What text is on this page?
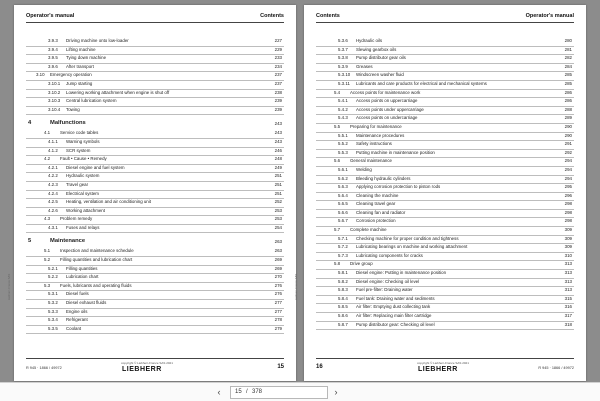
Operator's manual	Contents
3.9.3 Driving machine onto low-loader	227
3.9.4 Lifting machine	229
3.9.5 Tying down machine	233
3.9.6 After transport	234
3.10 Emergency operation	237
3.10.1 Jump starting	237
3.10.2 Lowering working attachment when engine is shut off	238
3.10.3 Central lubrication system	239
3.10.4 Towing	239
4	Malfunctions	243
4.1 Service code tables	243
4.1.1 Warning symbols	243
4.1.2 SCR system	246
4.2 Fault • Cause • Remedy	248
4.2.1 Diesel engine and fuel system	249
4.2.2 Hydraulic system	251
4.2.3 Travel gear	251
4.2.4 Electrical system	251
4.2.5 Heating, ventilation and air conditioning unit	252
4.2.6 Working attachment	253
4.3 Problem remedy	253
4.3.1 Fuses and relays	254
5	Maintenance	263
5.1 Inspection and maintenance schedule	263
5.2 Filling quantities and lubrication chart	269
5.2.1 Filling quantities	269
5.2.2 Lubrication chart	270
5.3 Fuels, lubricants and operating fluids	276
5.3.1 Diesel fuels	276
5.3.2 Diesel exhaust fluids	277
5.3.3 Engine oils	277
5.3.4 Refrigerant	278
5.3.5 Coolant	279
R 945 · 1866 / 49972
copyright © Liebherr-France SAS 2021
LIEBHERR	15
Liebherr-France SAS
Contents	Operator's manual
5.3.6 Hydraulic oils	280
5.3.7 Slewing gearbox oils	281
5.3.8 Pump distributor gear oils	282
5.3.9 Greases	284
5.3.10 Windscreen washer fluid	285
5.3.11 Lubricants and care products for electrical and mechanical systems	285
5.4 Access points for maintenance work	286
5.4.1 Access points on uppercarriage	286
5.4.2 Access points under uppercarriage	288
5.4.3 Access points on undercarriage	289
5.5 Preparing for maintenance	290
5.5.1 Maintenance procedures	290
5.5.2 Safety instructions	291
5.5.3 Putting machine in maintenance position	292
5.6 General maintenance	294
5.6.1 Welding	294
5.6.2 Bleeding hydraulic cylinders	294
5.6.3 Applying corrosion protection to piston rods	295
5.6.4 Cleaning the machine	296
5.6.5 Cleaning travel gear	298
5.6.6 Cleaning fan and radiator	298
5.6.7 Corrosion protection	298
5.7 Complete machine	309
5.7.1 Checking machine for proper condition and tightness	309
5.7.2 Lubricating bearings on machine and working attachment	309
5.7.3 Lubricating components for cracks	310
5.8 Drive group	313
5.8.1 Diesel engine: Putting in maintenance position	313
5.8.2 Diesel engine: Checking oil level	313
5.8.3 Fuel pre-filter: Draining water	313
5.8.4 Fuel tank: Draining water and sediments	315
5.8.5 Air filter: Emptying dust collecting tank	316
5.8.6 Air filter: Replacing main filter cartridge	317
5.8.7 Pump distributor gear: Checking oil level	318
16
copyright © Liebherr-France SAS 2021
LIEBHERR	R 945 · 1866 / 49972
Liebherr-France SAS
‹	15 / 378	›
